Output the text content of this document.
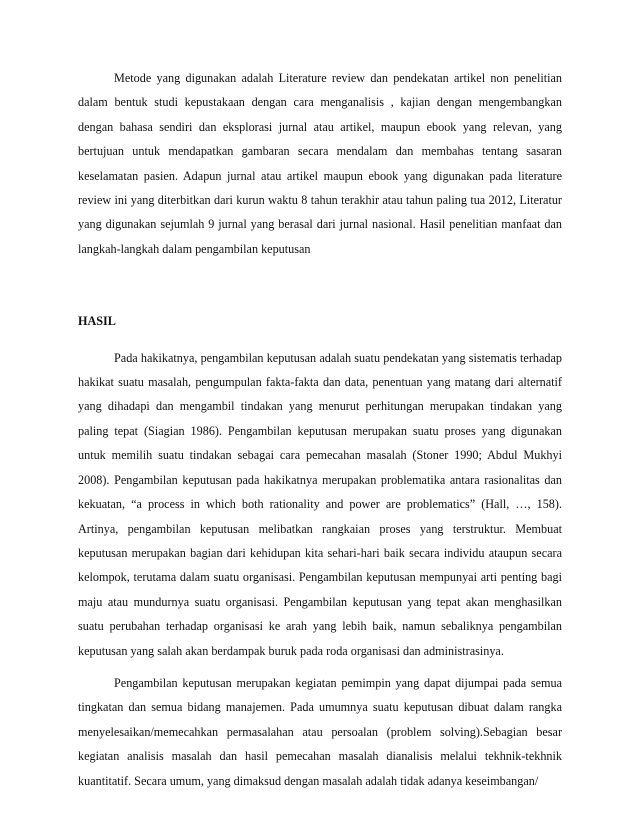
Metode yang digunakan adalah Literature review dan pendekatan artikel non penelitian dalam bentuk studi kepustakaan dengan cara menganalisis , kajian dengan mengembangkan dengan bahasa sendiri dan eksplorasi jurnal atau artikel, maupun ebook yang relevan, yang bertujuan untuk mendapatkan gambaran secara mendalam dan membahas tentang sasaran keselamatan pasien. Adapun jurnal atau artikel maupun ebook yang digunakan pada literature review ini yang diterbitkan dari kurun waktu 8 tahun terakhir atau tahun paling tua 2012, Literatur yang digunakan sejumlah 9 jurnal yang berasal dari jurnal nasional. Hasil penelitian manfaat dan langkah-langkah dalam pengambilan keputusan

HASIL

Pada hakikatnya, pengambilan keputusan adalah suatu pendekatan yang sistematis terhadap hakikat suatu masalah, pengumpulan fakta-fakta dan data, penentuan yang matang dari alternatif yang dihadapi dan mengambil tindakan yang menurut perhitungan merupakan tindakan yang paling tepat (Siagian 1986). Pengambilan keputusan merupakan suatu proses yang digunakan untuk memilih suatu tindakan sebagai cara pemecahan masalah (Stoner 1990; Abdul Mukhyi 2008). Pengambilan keputusan pada hakikatnya merupakan problematika antara rasionalitas dan kekuatan, “a process in which both rationality and power are problematics” (Hall, …, 158). Artinya, pengambilan keputusan melibatkan rangkaian proses yang terstruktur. Membuat keputusan merupakan bagian dari kehidupan kita sehari-hari baik secara individu ataupun secara kelompok, terutama dalam suatu organisasi. Pengambilan keputusan mempunyai arti penting bagi maju atau mundurnya suatu organisasi. Pengambilan keputusan yang tepat akan menghasilkan suatu perubahan terhadap organisasi ke arah yang lebih baik, namun sebaliknya pengambilan keputusan yang salah akan berdampak buruk pada roda organisasi dan administrasinya.

Pengambilan keputusan merupakan kegiatan pemimpin yang dapat dijumpai pada semua tingkatan dan semua bidang manajemen. Pada umumnya suatu keputusan dibuat dalam rangka menyelesaikan/memecahkan permasalahan atau persoalan (problem solving).Sebagian besar kegiatan analisis masalah dan hasil pemecahan masalah dianalisis melalui tekhnik-tekhnik kuantitatif. Secara umum, yang dimaksud dengan masalah adalah tidak adanya keseimbangan/
